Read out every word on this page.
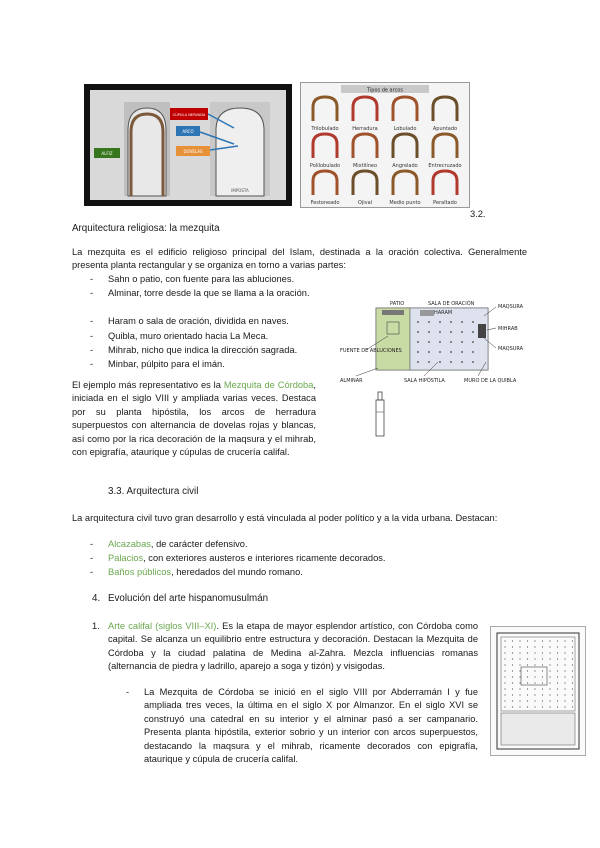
CÚPULA NERVADA
ARCO
DOVELAS
ALFIZ
IMPOSTA
Tipos de arcos
Trilobulado	Herradura	Lobulado	Apuntado
Polilobulado	Mixtilíneo	Angrelado Entrecruzado
Festoneado	Ojival	Medio punto	Peraltado
3.2.
Arquitectura religiosa: la mezquita
La mezquita es el edificio religioso principal del Islam, destinada a la oración colectiva. Generalmente presenta planta rectangular y se organiza en torno a varias partes:
- Sahn o patio, con fuente para las abluciones.
- Alminar, torre desde la que se llama a la oración.
- Haram o sala de oración, dividida en naves.
- Quibla, muro orientado hacia La Meca.
- Mihrab, nicho que indica la dirección sagrada.
- Minbar, púlpito para el imán.
PATIO	SALA DE ORACIÓN
HARAM
MAQSURA
MIHRAB
MAQSURA
FUENTE DE ABLUCIONES
ALMINAR	SALA HIPÓSTILA	MURO DE LA QUIBLA
El ejemplo más representativo es la Mezquita de Córdoba, iniciada en el siglo VIII y ampliada varias veces. Destaca por su planta hipóstila, los arcos de herradura superpuestos con alternancia de dovelas rojas y blancas, así como por la rica decoración de la maqsura y el mihrab, con epigrafía, ataurique y cúpulas de crucería califal.
3.3. Arquitectura civil
La arquitectura civil tuvo gran desarrollo y está vinculada al poder político y a la vida urbana. Destacan:
- Alcazabas, de carácter defensivo.
- Palacios, con exteriores austeros e interiores ricamente decorados.
- Baños públicos, heredados del mundo romano.
4. Evolución del arte hispanomusulmán
1. Arte califal (siglos VIII–XI). Es la etapa de mayor esplendor artístico, con Córdoba como capital. Se alcanza un equilibrio entre estructura y decoración. Destacan la Mezquita de Córdoba y la ciudad palatina de Medina al-Zahra. Mezcla influencias romanas (alternancia de piedra y ladrillo, aparejo a soga y tizón) y visigodas.
- La Mezquita de Córdoba se inició en el siglo VIII por Abderramán I y fue ampliada tres veces, la última en el siglo X por Almanzor. En el siglo XVI se construyó una catedral en su interior y el alminar pasó a ser campanario. Presenta planta hipóstila, exterior sobrio y un interior con arcos superpuestos, destacando la maqsura y el mihrab, ricamente decorados con epigrafía, ataurique y cúpula de crucería califal.
